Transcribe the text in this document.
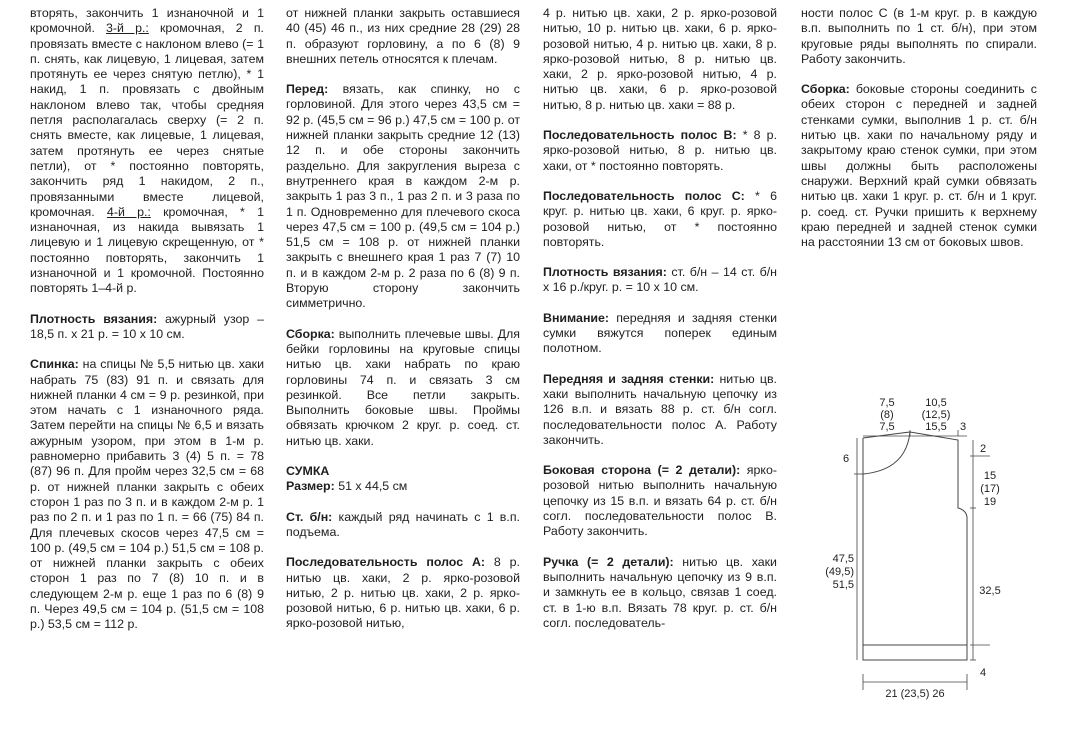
вторять, закончить 1 изнаночной и 1 кромочной. 3-й р.: кромочная, 2 п. провязать вместе с наклоном влево (= 1 п. снять, как лицевую, 1 лицевая, затем протянуть ее через снятую петлю), * 1 накид, 1 п. провязать с двойным наклоном влево так, чтобы средняя петля располагалась сверху (= 2 п. снять вместе, как лицевые, 1 лицевая, затем протянуть ее через снятые петли), от * постоянно повторять, закончить ряд 1 накидом, 2 п., провязанными вместе лицевой, кромочная. 4-й р.: кромочная, * 1 изнаночная, из накида вывязать 1 лицевую и 1 лицевую скрещенную, от * постоянно повторять, закончить 1 изнаночной и 1 кромочной. Постоянно повторять 1–4-й р.

Плотность вязания: ажурный узор – 18,5 п. х 21 р. = 10 х 10 см.

Спинка: на спицы № 5,5 нитью цв. хаки набрать 75 (83) 91 п. и связать для нижней планки 4 см = 9 р. резинкой, при этом начать с 1 изнаночного ряда. Затем перейти на спицы № 6,5 и вязать ажурным узором, при этом в 1-м р. равномерно прибавить 3 (4) 5 п. = 78 (87) 96 п. Для пройм через 32,5 см = 68 р. от нижней планки закрыть с обеих сторон 1 раз по 3 п. и в каждом 2-м р. 1 раз по 2 п. и 1 раз по 1 п. = 66 (75) 84 п. Для плечевых скосов через 47,5 см = 100 р. (49,5 см = 104 р.) 51,5 см = 108 р. от нижней планки закрыть с обеих сторон 1 раз по 7 (8) 10 п. и в следующем 2-м р. еще 1 раз по 6 (8) 9 п. Через 49,5 см = 104 р. (51,5 см = 108 р.) 53,5 см = 112 р.

от нижней планки закрыть оставшиеся 40 (45) 46 п., из них средние 28 (29) 28 п. образуют горловину, а по 6 (8) 9 внешних петель относятся к плечам.

Перед: вязать, как спинку, но с горловиной. Для этого через 43,5 см = 92 р. (45,5 см = 96 р.) 47,5 см = 100 р. от нижней планки закрыть средние 12 (13) 12 п. и обе стороны закончить раздельно. Для закругления выреза с внутреннего края в каждом 2-м р. закрыть 1 раз 3 п., 1 раз 2 п. и 3 раза по 1 п. Одновременно для плечевого скоса через 47,5 см = 100 р. (49,5 см = 104 р.) 51,5 см = 108 р. от нижней планки закрыть с внешнего края 1 раз 7 (7) 10 п. и в каждом 2-м р. 2 раза по 6 (8) 9 п. Вторую сторону закончить симметрично.

Сборка: выполнить плечевые швы. Для бейки горловины на круговые спицы нитью цв. хаки набрать по краю горловины 74 п. и связать 3 см резинкой. Все петли закрыть. Выполнить боковые швы. Проймы обвязать крючком 2 круг. р. соед. ст. нитью цв. хаки.

СУМКА
Размер: 51 х 44,5 см

Ст. б/н: каждый ряд начинать с 1 в.п. подъема.

Последовательность полос А: 8 р. нитью цв. хаки, 2 р. ярко-розовой нитью, 2 р. нитью цв. хаки, 2 р. ярко-розовой нитью, 6 р. нитью цв. хаки, 6 р. ярко-розовой нитью,

4 р. нитью цв. хаки, 2 р. ярко-розовой нитью, 10 р. нитью цв. хаки, 6 р. ярко-розовой нитью, 4 р. нитью цв. хаки, 8 р. ярко-розовой нитью, 8 р. нитью цв. хаки, 2 р. ярко-розовой нитью, 4 р. нитью цв. хаки, 6 р. ярко-розовой нитью, 8 р. нитью цв. хаки = 88 р.

Последовательность полос В: * 8 р. ярко-розовой нитью, 8 р. нитью цв. хаки, от * постоянно повторять.

Последовательность полос С: * 6 круг. р. нитью цв. хаки, 6 круг. р. ярко-розовой нитью, от * постоянно повторять.

Плотность вязания: ст. б/н – 14 ст. б/н х 16 р./круг. р. = 10 х 10 см.

Внимание: передняя и задняя стенки сумки вяжутся поперек единым полотном.

Передняя и задняя стенки: нитью цв. хаки выполнить начальную цепочку из 126 в.п. и вязать 88 р. ст. б/н согл. последовательности полос А. Работу закончить.

Боковая сторона (= 2 детали): ярко-розовой нитью выполнить начальную цепочку из 15 в.п. и вязать 64 р. ст. б/н согл. последовательности полос В. Работу закончить.

Ручка (= 2 детали): нитью цв. хаки выполнить начальную цепочку из 9 в.п. и замкнуть ее в кольцо, связав 1 соед. ст. в 1-ю в.п. Вязать 78 круг. р. ст. б/н согл. последователь-

ности полос С (в 1-м круг. р. в каждую в.п. выполнить по 1 ст. б/н), при этом круговые ряды выполнять по спирали. Работу закончить.

Сборка: боковые стороны соединить с обеих сторон с передней и задней стенками сумки, выполнив 1 р. ст. б/н нитью цв. хаки по начальному ряду и закрытому краю стенок сумки, при этом швы должны быть расположены снаружи. Верхний край сумки обвязать нитью цв. хаки 1 круг. р. ст. б/н и 1 круг. р. соед. ст. Ручки пришить к верхнему краю передней и задней стенок сумки на расстоянии 13 см от боковых швов.

7,5
(8)
7,5
10,5
(12,5)
15,5 3
6
2
15
(17)
19
47,5
(49,5)
51,5	32,5
4
21 (23,5) 26
